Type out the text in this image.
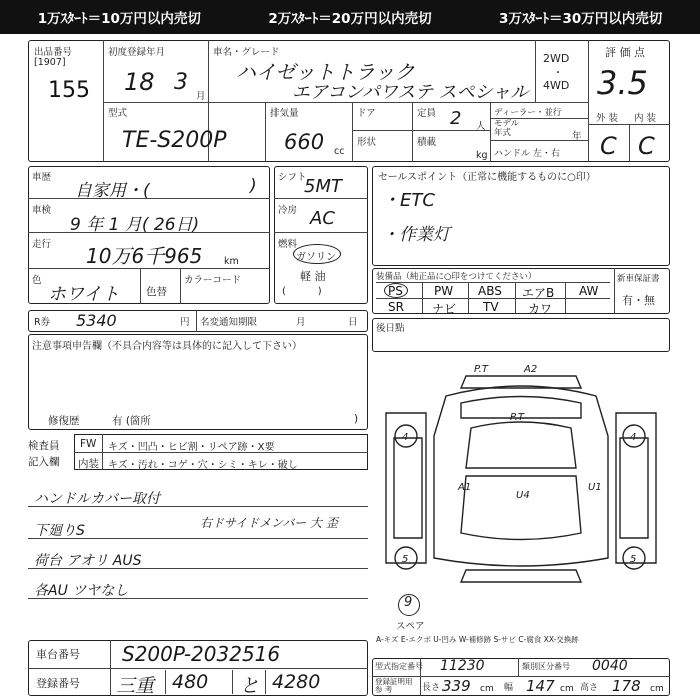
1万ｽﾀｰﾄ＝10万円以内売切	2万ｽﾀｰﾄ＝20万円以内売切	3万ｽﾀｰﾄ＝30万円以内売切
出品番号
[1907]
155
初度登録年月
18 3
月
車名・グレード
ハイゼットトラック
エアコンパワステ スペシャル
2WD
・
4WD
評 価 点
3.5
外 装 内 装
C C
型式
TE-S200P
排気量
660 cc
ドア
形状
定員 2 人
積載
kg
ディーラー・並行
モデル
年式	年
ハンドル 左・右
車歴
自家用・(	)
車検
9 年 1 月( 26日)
走行 10万6千965 km
色
ホワイト	色替
カラーコード
シフト
5MT
冷房 AC
燃料
ガソリン
軽 油
(          )
セールスポイント（正常に機能するものに○印）
・ETC
・作業灯
装備品（純正品に○印をつけてください）
PS	PW ABS エアB AW
SR ナビ TV カワ
新車保証書
有・無
R券 5340	円 名変通知期限	月	日
注意事項申告欄（不具合内容等は具体的に記入して下さい）
修復歴	有 (箇所	)
後日點
検査員
記入欄
FW キズ・凹凸・ヒビ割・リペア跡・X要
内装 キズ・汚れ・コゲ・穴・シミ・キレ・破し
ハンドルカバー取付
下廻りS	右ドサイドメンバー 大 歪
荷台 アオリ AUS
各AU ツヤなし
P.T	A2
P.T
4	4
A1
U4
U1
5	5
9
スペア
A-キズ E-エクボ U-凹み W-補修跡 S-サビ C-腐食 XX-交換跡
車台番号 S200P-2032516
登録番号 三重 480 と 4280
型式指定番号 11230	類別区分番号 0040
登録証明用
参 考	長さ 339 cm 幅 147 cm 高さ 178 cm
